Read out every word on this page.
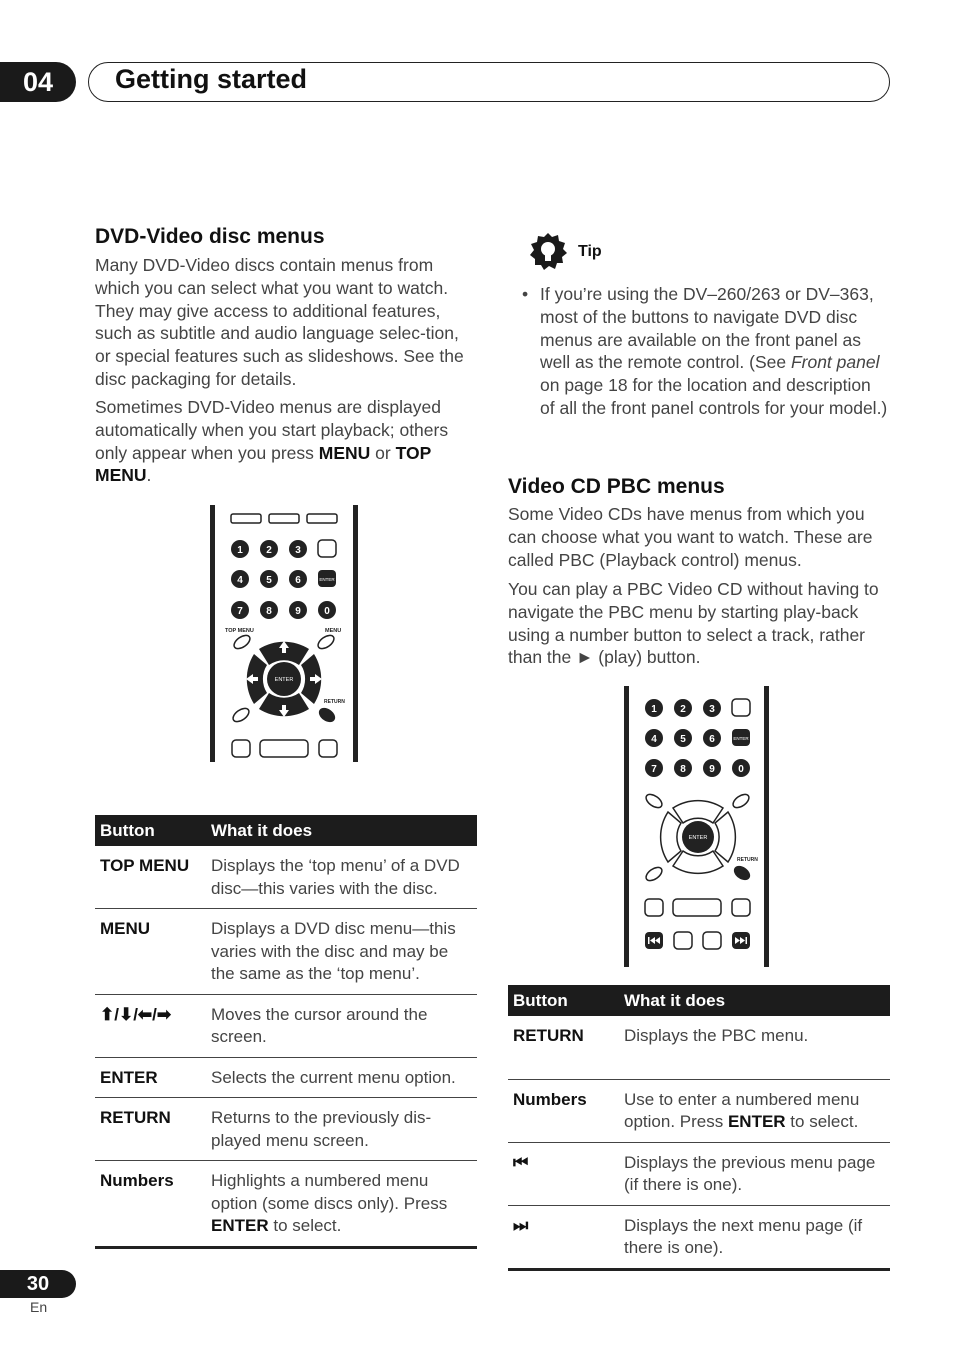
04	Getting started
DVD-Video disc menus
Many DVD-Video discs contain menus from which you can select what you want to watch. They may give access to additional features, such as subtitle and audio language selec-tion, or special features such as slideshows. See the disc packaging for details.
Sometimes DVD-Video menus are displayed automatically when you start playback; others only appear when you press MENU or TOP MENU.
1 2 3
4 5 6
7 8 9 0
ENTER
TOP MENU	MENU
ENTER
RETURN
Button	What it does
TOP MENU	Displays the ‘top menu’ of a DVD disc—this varies with the disc.
MENU	Displays a DVD disc menu—this varies with the disc and may be the same as the ‘top menu’.
⬆/⬇/⬅/➡	Moves the cursor around the screen.
ENTER	Selects the current menu option.
RETURN	Returns to the previously dis-played menu screen.
Numbers	Highlights a numbered menu option (some discs only). Press ENTER to select.
Tip
• If you’re using the DV–260/263 or DV–363, most of the buttons to navigate DVD disc menus are available on the front panel as well as the remote control. (See Front panel on page 18 for the location and description of all the front panel controls for your model.)
Video CD PBC menus
Some Video CDs have menus from which you can choose what you want to watch. These are called PBC (Playback control) menus.
You can play a PBC Video CD without having to navigate the PBC menu by starting play-back using a number button to select a track, rather than the ► (play) button.
1 2 3
4 5 6
7 8 9 0
ENTER
ENTER
RETURN
Button	What it does
RETURN	Displays the PBC menu.
Numbers	Use to enter a numbered menu option. Press ENTER to select.
⏮	Displays the previous menu page (if there is one).
⏭	Displays the next menu page (if there is one).
30
En
